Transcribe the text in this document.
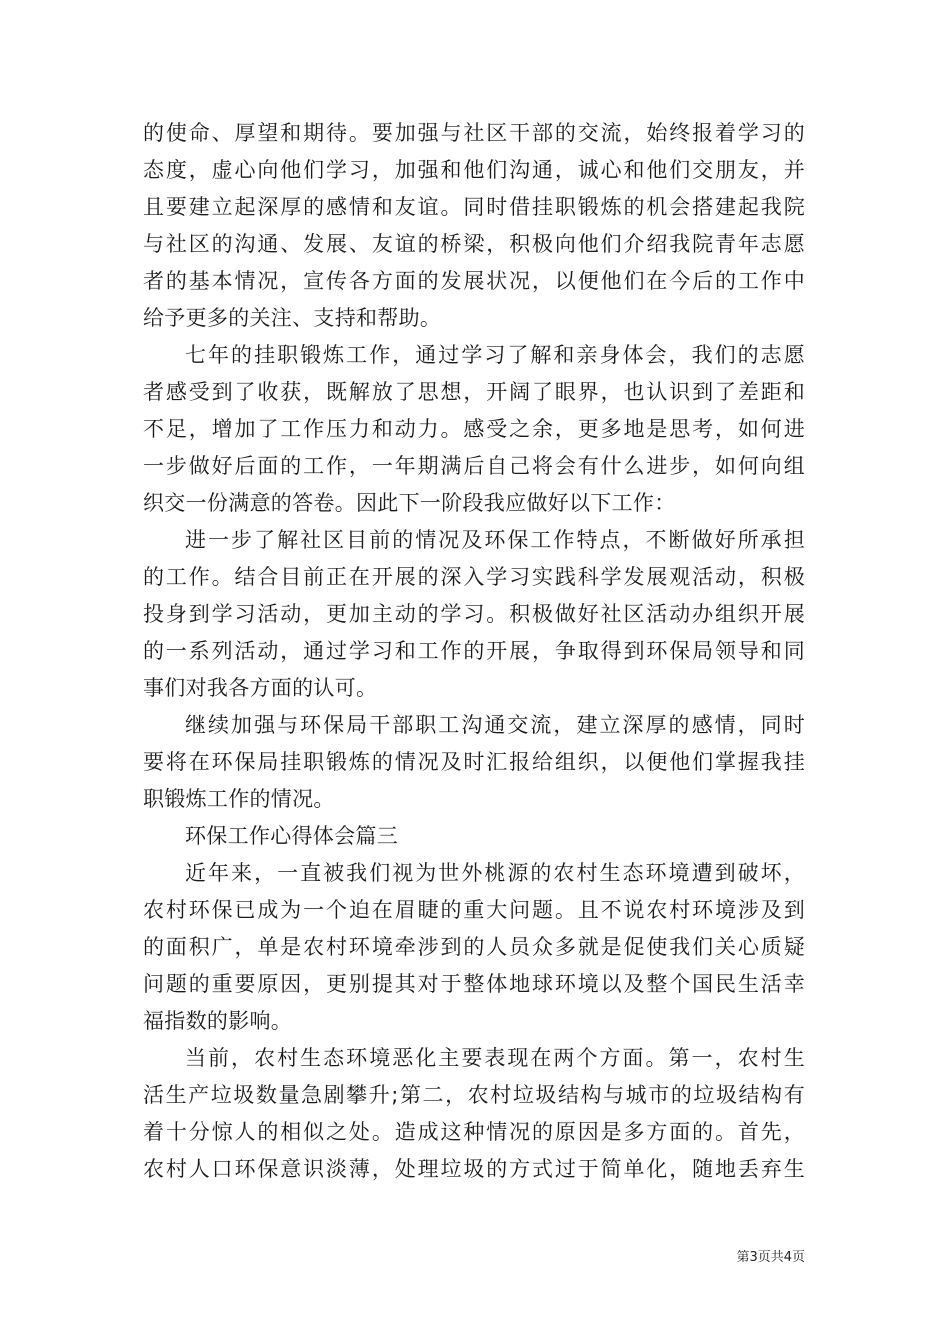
的使命、厚望和期待。要加强与社区干部的交流，始终报着学习的
态度，虚心向他们学习，加强和他们沟通，诚心和他们交朋友，并
且要建立起深厚的感情和友谊。同时借挂职锻炼的机会搭建起我院
与社区的沟通、发展、友谊的桥梁，积极向他们介绍我院青年志愿
者的基本情况，宣传各方面的发展状况，以便他们在今后的工作中
给予更多的关注、支持和帮助。
七年的挂职锻炼工作，通过学习了解和亲身体会，我们的志愿
者感受到了收获，既解放了思想，开阔了眼界，也认识到了差距和
不足，增加了工作压力和动力。感受之余，更多地是思考，如何进
一步做好后面的工作，一年期满后自己将会有什么进步，如何向组
织交一份满意的答卷。因此下一阶段我应做好以下工作：
进一步了解社区目前的情况及环保工作特点，不断做好所承担
的工作。结合目前正在开展的深入学习实践科学发展观活动，积极
投身到学习活动，更加主动的学习。积极做好社区活动办组织开展
的一系列活动，通过学习和工作的开展，争取得到环保局领导和同
事们对我各方面的认可。
继续加强与环保局干部职工沟通交流，建立深厚的感情，同时
要将在环保局挂职锻炼的情况及时汇报给组织，以便他们掌握我挂
职锻炼工作的情况。
环保工作心得体会篇三
近年来，一直被我们视为世外桃源的农村生态环境遭到破坏，
农村环保已成为一个迫在眉睫的重大问题。且不说农村环境涉及到
的面积广，单是农村环境牵涉到的人员众多就是促使我们关心质疑
问题的重要原因，更别提其对于整体地球环境以及整个国民生活幸
福指数的影响。
当前，农村生态环境恶化主要表现在两个方面。第一，农村生
活生产垃圾数量急剧攀升;第二，农村垃圾结构与城市的垃圾结构有
着十分惊人的相似之处。造成这种情况的原因是多方面的。首先，
农村人口环保意识淡薄，处理垃圾的方式过于简单化，随地丢弃生
第3页共4页
